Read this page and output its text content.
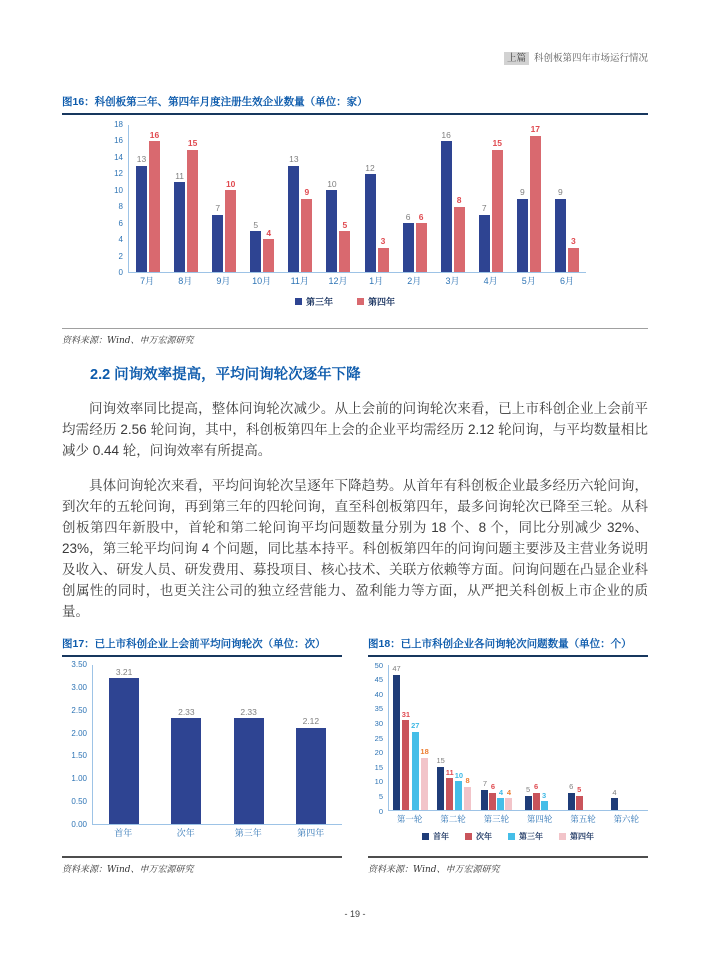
上篇 科创板第四年市场运行情况
图16：科创板第三年、第四年月度注册生效企业数量（单位：家）
0
2
4
6
8
10
12
14
16
18
13
16
11
15
7
10
5
4
13
9
10
5
12
3
6 6
16
8
7
15
9
17
9
3
7月	8月	9月	10月	11月	12月	1月	2月	3月	4月	5月	6月
第三年	第四年
资料来源：Wind、申万宏源研究
2.2 问询效率提高，平均问询轮次逐年下降

问询效率同比提高，整体问询轮次减少。从上会前的问询轮次来看，已上市科创企业上会前平均需经历 2.56 轮问询，其中，科创板第四年上会的企业平均需经历 2.12 轮问询，与平均数量相比减少 0.44 轮，问询效率有所提高。

具体问询轮次来看，平均问询轮次呈逐年下降趋势。从首年有科创板企业最多经历六轮问询，到次年的五轮问询，再到第三年的四轮问询，直至科创板第四年，最多问询轮次已降至三轮。从科创板第四年新股中，首轮和第二轮问询平均问题数量分别为 18 个、8 个，同比分别减少 32%、23%，第三轮平均问询 4 个问题，同比基本持平。科创板第四年的问询问题主要涉及主营业务说明及收入、研发人员、研发费用、募投项目、核心技术、关联方依赖等方面。问询问题在凸显企业科创属性的同时，也更关注公司的独立经营能力、盈利能力等方面，从严把关科创板上市企业的质量。

图17：已上市科创企业上会前平均问询轮次（单位：次）
0.00
0.50
1.00
1.50
2.00
2.50
3.00
3.50
3.21
2.33	2.33
2.12
首年	次年	第三年	第四年
资料来源：Wind、申万宏源研究
图18：已上市科创企业各问询轮次问题数量（单位：个）
0
5
10
15
20
25
30
35
40
45
50 47
31
27
18
15
11 10
8 7 6
4 4 5 6
3
6 5	4
第一轮	第二轮	第三轮	第四轮	第五轮	第六轮
首年	次年	第三年	第四年
资料来源：Wind、申万宏源研究
- 19 -
